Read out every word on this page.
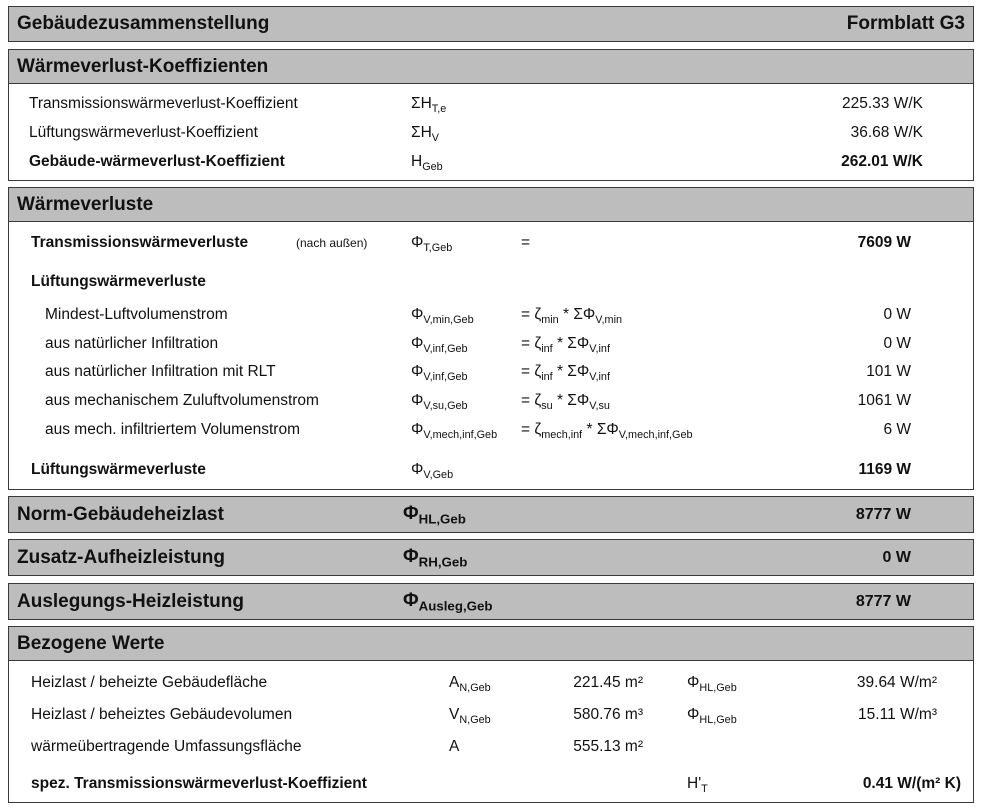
Gebäudezusammenstellung	Formblatt G3
Wärmeverlust-Koeffizienten
Transmissionswärmeverlust-Koeffizient	$\Sigma H_{T,e}$	225.33 W/K
Lüftungswärmeverlust-Koeffizient	$\Sigma H_V$	36.68 W/K
Gebäude-wärmeverlust-Koeffizient	$H_{Geb}$	262.01 W/K
Wärmeverluste
Transmissionswärmeverluste	(nach außen)	$\Phi_{T,Geb}$	=	7609 W
Lüftungswärmeverluste
Mindest-Luftvolumenstrom	$\Phi_{V,min,Geb}$	= $\zeta_{min} * \Sigma\Phi_{V,min}$	0 W
aus natürlicher Infiltration	$\Phi_{V,inf,Geb}$	= $\zeta_{inf} * \Sigma\Phi_{V,inf}$	0 W
aus natürlicher Infiltration mit RLT	$\Phi_{V,inf,Geb}$	= $\zeta_{inf} * \Sigma\Phi_{V,inf}$	101 W
aus mechanischem Zuluftvolumenstrom	$\Phi_{V,su,Geb}$	= $\zeta_{su} * \Sigma\Phi_{V,su}$	1061 W
aus mech. infiltriertem Volumenstrom	$\Phi_{V,mech,inf,Geb} = \zeta_{mech,inf} * \Sigma\Phi_{V,mech,inf,Geb}$	6 W
Lüftungswärmeverluste	$\Phi_{V,Geb}$	1169 W
Norm-Gebäudeheizlast	$\Phi_{HL,Geb}$	8777 W
Zusatz-Aufheizleistung	$\Phi_{RH,Geb}$	0 W
Auslegungs-Heizleistung	$\Phi_{Ausleg,Geb}$	8777 W
Bezogene Werte
Heizlast / beheizte Gebäudefläche	$A_{N,Geb}$	221.45 m²	$\Phi_{HL,Geb}$	39.64 W/m²
Heizlast / beheiztes Gebäudevolumen	$V_{N,Geb}$	580.76 m³	$\Phi_{HL,Geb}$	15.11 W/m³
wärmeübertragende Umfassungsfläche	A	555.13 m²
spez. Transmissionswärmeverlust-Koeffizient	$H'_T$	0.41 W/(m² K)
